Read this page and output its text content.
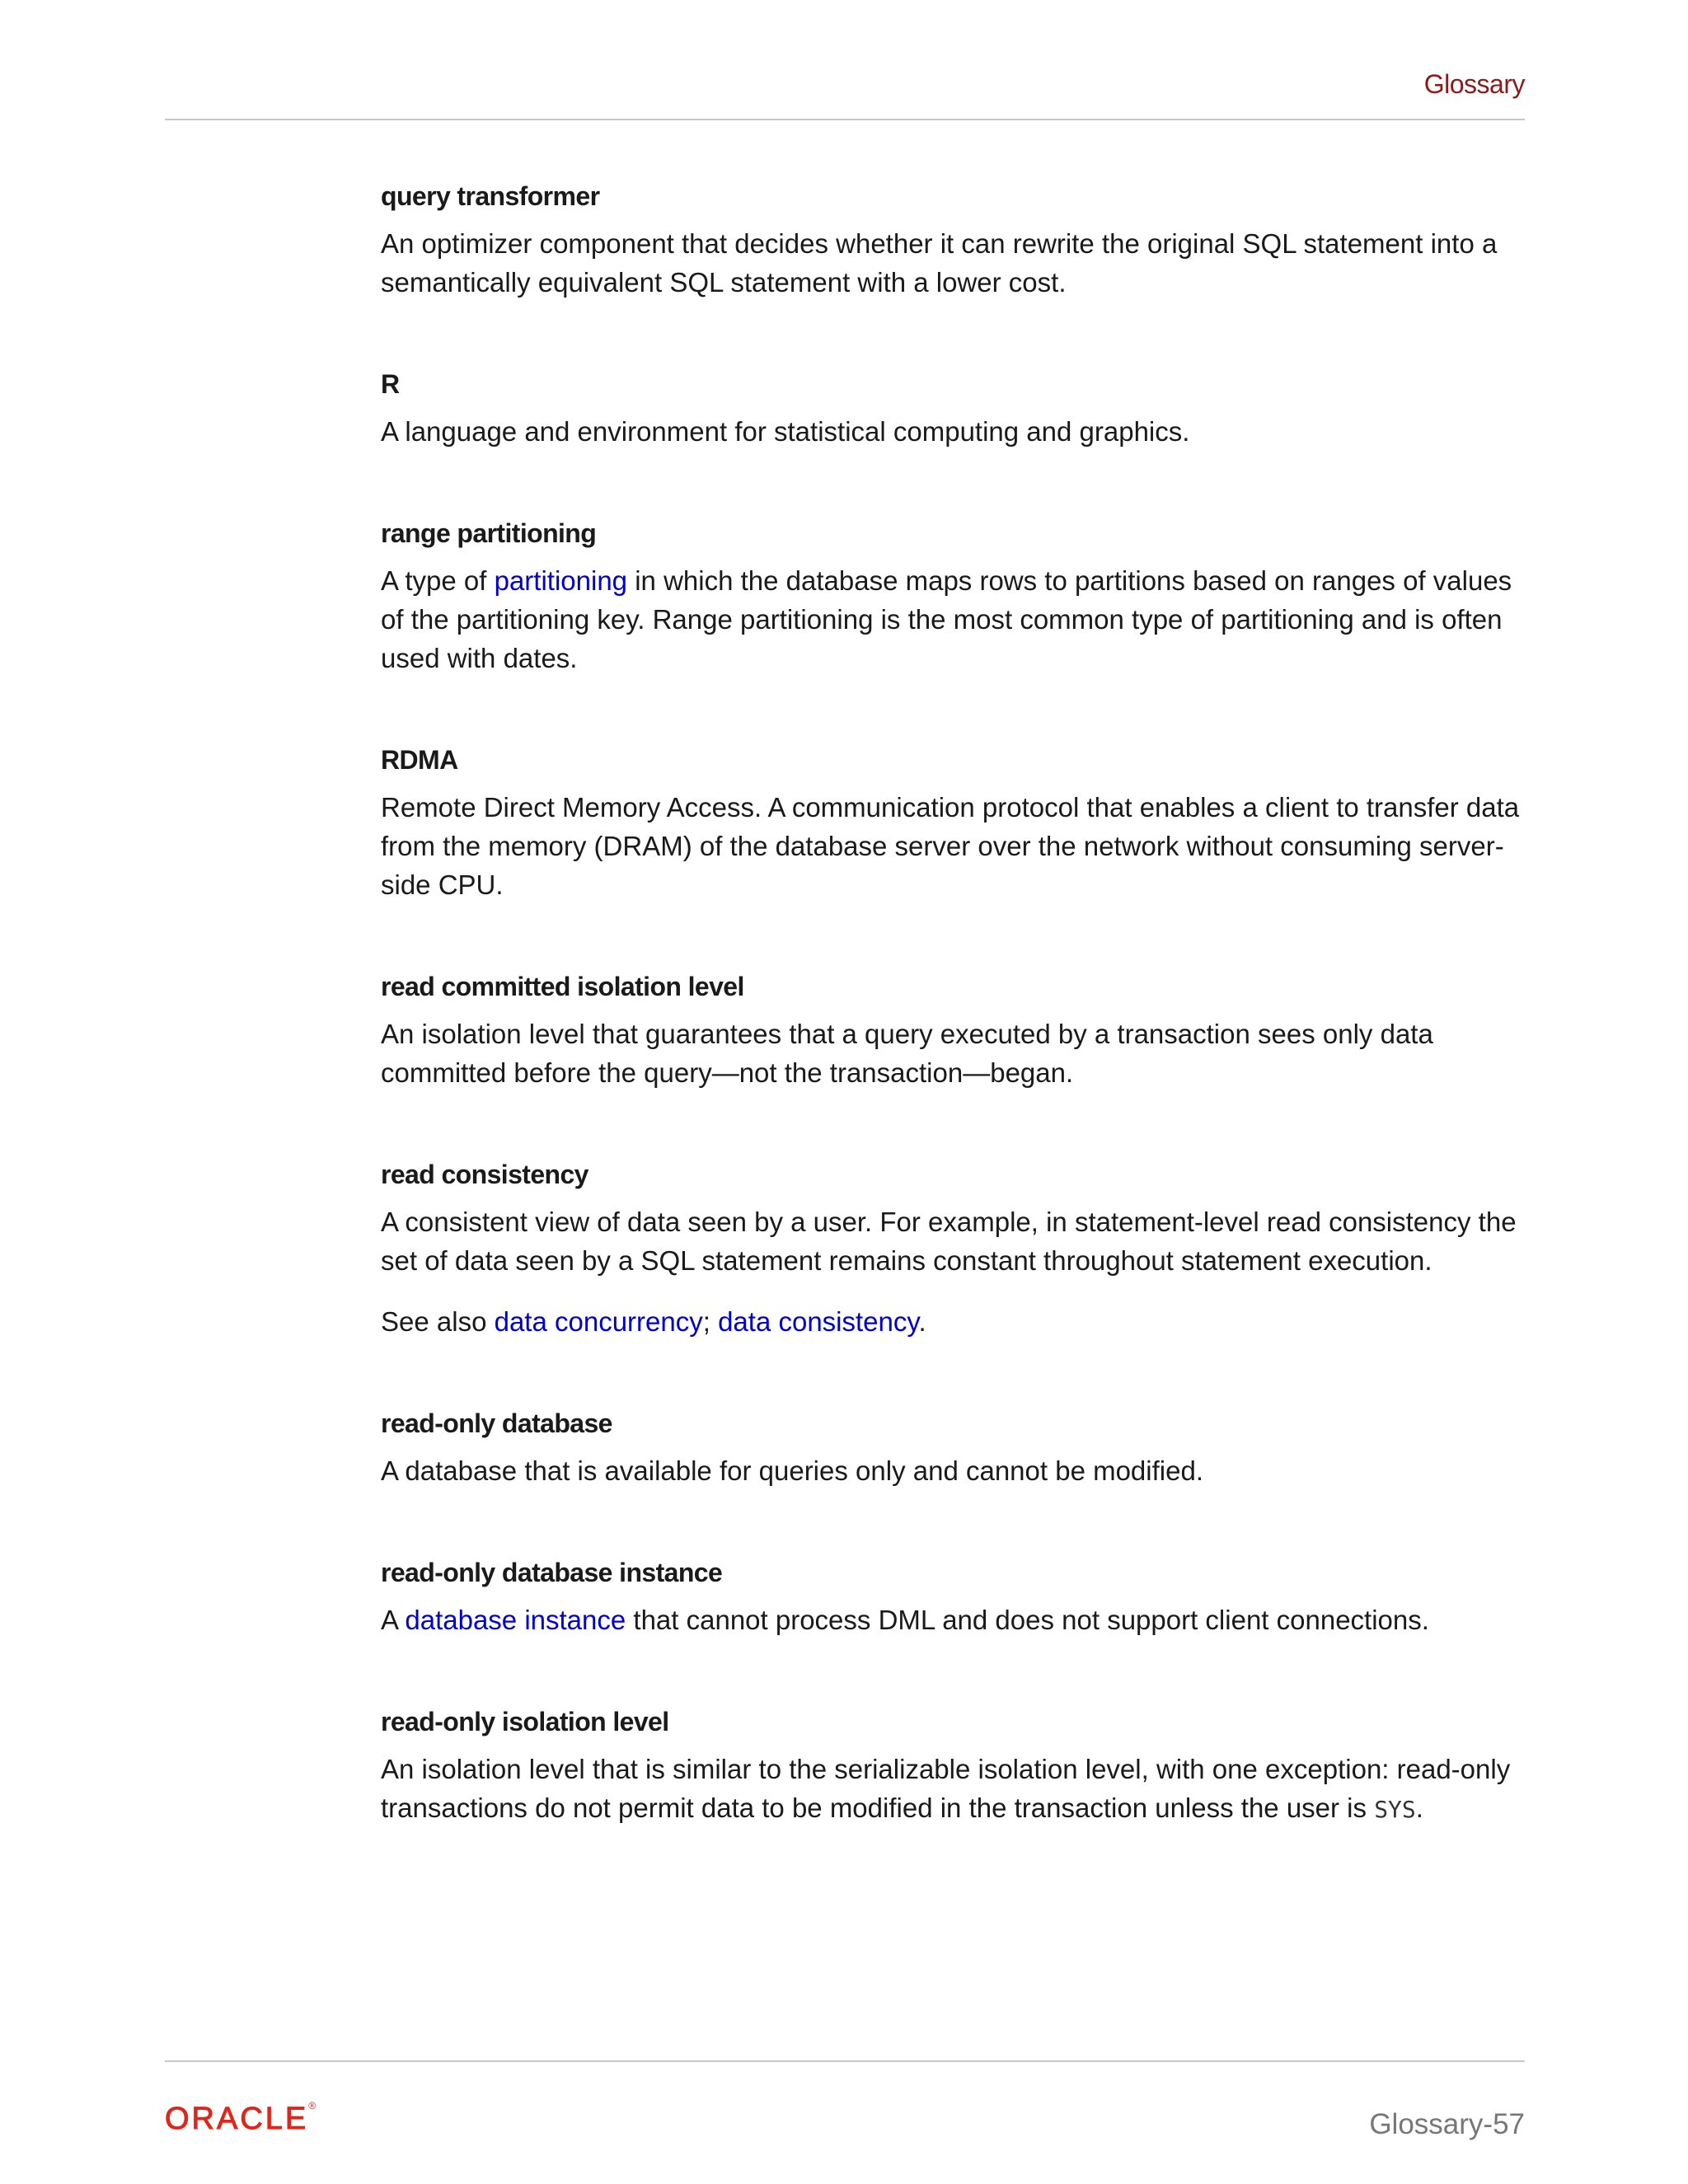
Glossary

query transformer

An optimizer component that decides whether it can rewrite the original SQL statement into a semantically equivalent SQL statement with a lower cost.

R

A language and environment for statistical computing and graphics.

range partitioning

A type of partitioning in which the database maps rows to partitions based on ranges of values of the partitioning key. Range partitioning is the most common type of partitioning and is often used with dates.

RDMA

Remote Direct Memory Access. A communication protocol that enables a client to transfer data from the memory (DRAM) of the database server over the network without consuming server-side CPU.

read committed isolation level

An isolation level that guarantees that a query executed by a transaction sees only data committed before the query—not the transaction—began.

read consistency

A consistent view of data seen by a user. For example, in statement-level read consistency the set of data seen by a SQL statement remains constant throughout statement execution.

See also data concurrency; data consistency.

read-only database

A database that is available for queries only and cannot be modified.

read-only database instance

A database instance that cannot process DML and does not support client connections.

read-only isolation level

An isolation level that is similar to the serializable isolation level, with one exception: read-only transactions do not permit data to be modified in the transaction unless the user is SYS.

ORACLE®
Glossary-57
